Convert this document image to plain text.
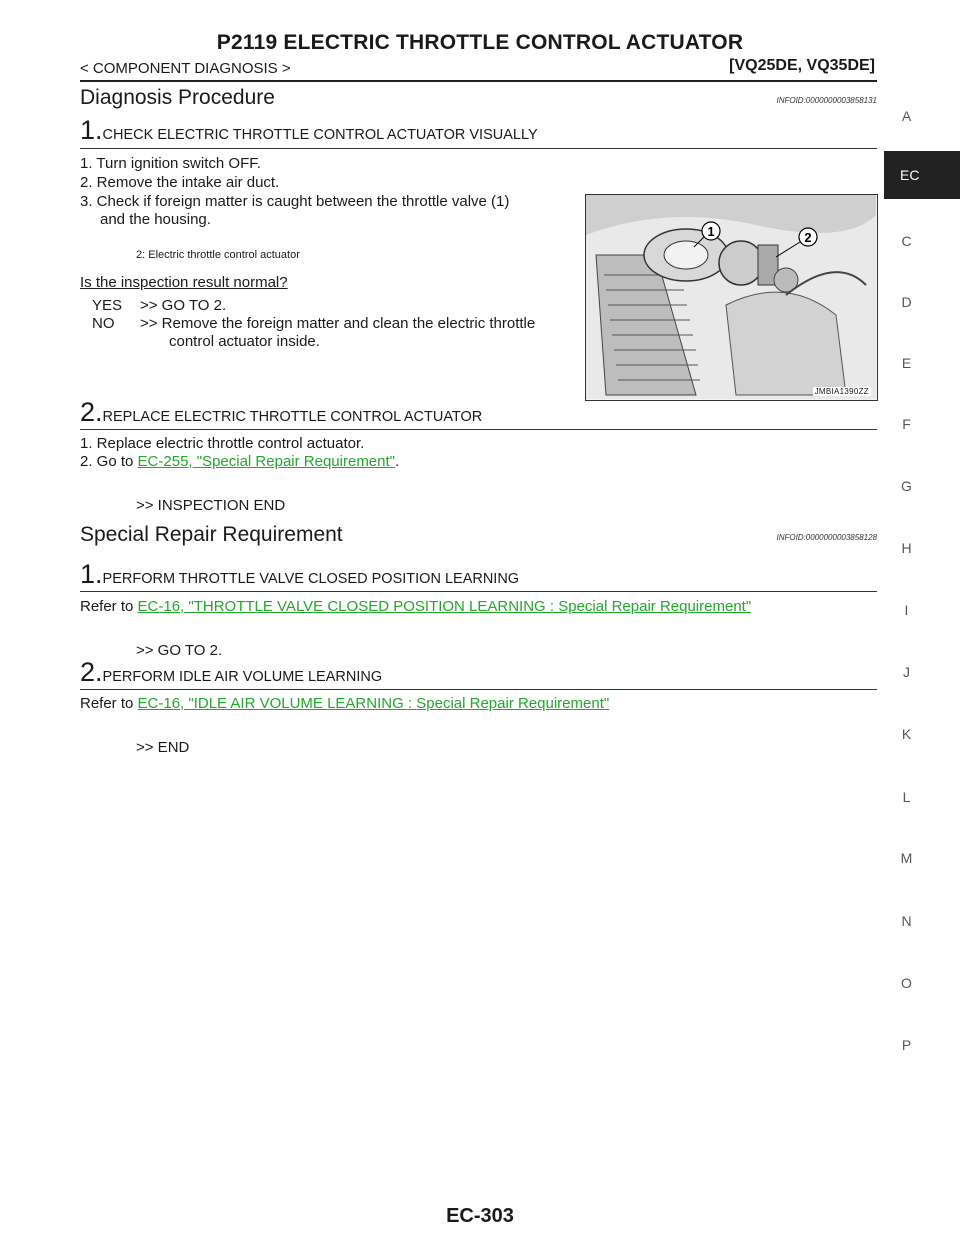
P2119 ELECTRIC THROTTLE CONTROL ACTUATOR
< COMPONENT DIAGNOSIS >	[VQ25DE, VQ35DE]
Diagnosis Procedure	INFOID:0000000003858131
1.CHECK ELECTRIC THROTTLE CONTROL ACTUATOR VISUALLY
1. Turn ignition switch OFF.
2. Remove the intake air duct.
3. Check if foreign matter is caught between the throttle valve (1)
and the housing.
2: Electric throttle control actuator
Is the inspection result normal?
YES >> GO TO 2.
NO >> Remove the foreign matter and clean the electric throttle
control actuator inside.
1	2
JMBIA1390ZZ
2.REPLACE ELECTRIC THROTTLE CONTROL ACTUATOR
1. Replace electric throttle control actuator.
2. Go to EC-255, "Special Repair Requirement".
>> INSPECTION END
Special Repair Requirement	INFOID:0000000003858128
1.PERFORM THROTTLE VALVE CLOSED POSITION LEARNING
Refer to EC-16, "THROTTLE VALVE CLOSED POSITION LEARNING : Special Repair Requirement"
>> GO TO 2.
2.PERFORM IDLE AIR VOLUME LEARNING
Refer to EC-16, "IDLE AIR VOLUME LEARNING : Special Repair Requirement"
>> END
A
EC
C
D
E
F
G
H
I
J
K
L
M
N
O
P
EC-303
